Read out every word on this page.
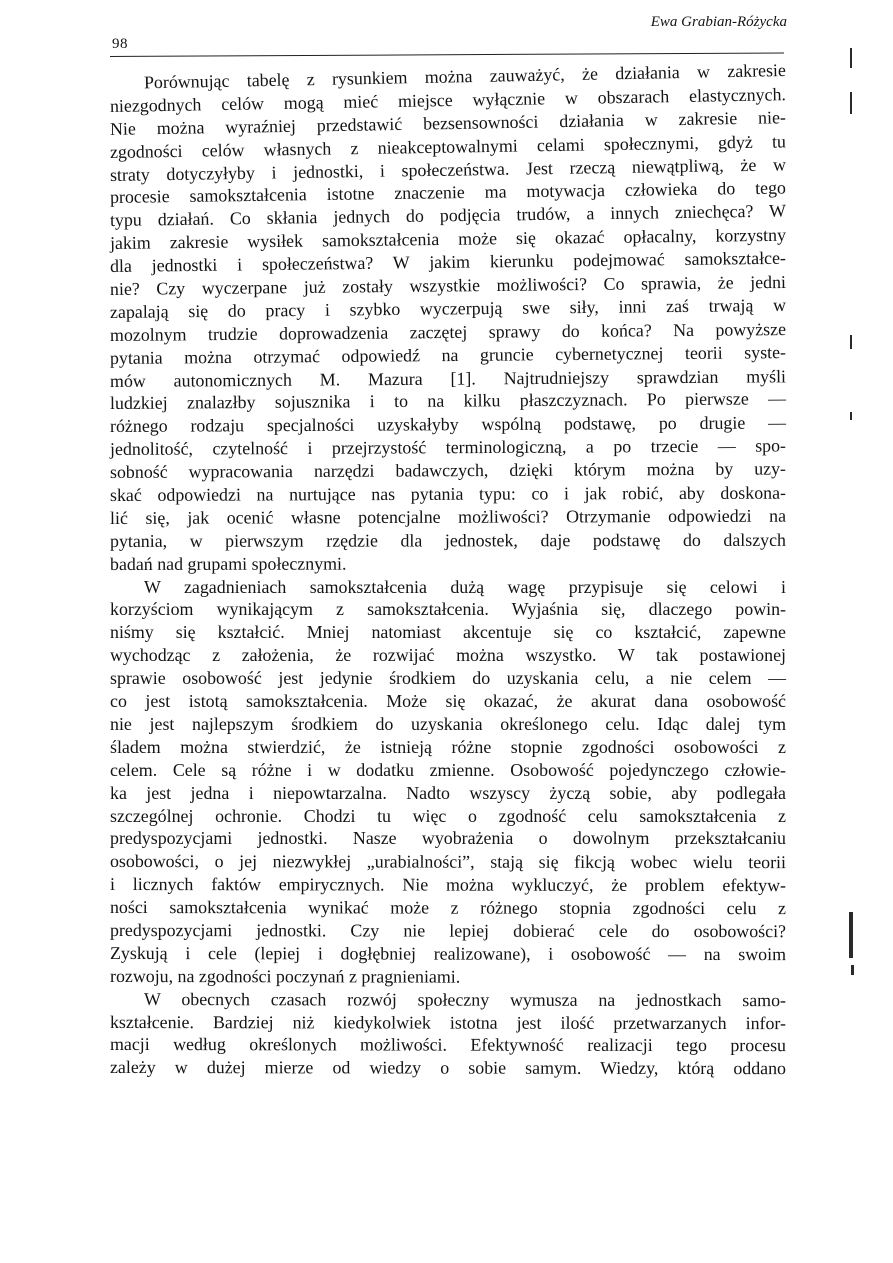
98
Ewa Grabian-Różycka
Porównując tabelę z rysunkiem można zauważyć, że działania w zakresie
niezgodnych celów mogą mieć miejsce wyłącznie w obszarach elastycznych.
Nie można wyraźniej przedstawić bezsensowności działania w zakresie nie-
zgodności celów własnych z nieakceptowalnymi celami społecznymi, gdyż tu
straty dotyczyłyby i jednostki, i społeczeństwa. Jest rzeczą niewątpliwą, że w
procesie samokształcenia istotne znaczenie ma motywacja człowieka do tego
typu działań. Co skłania jednych do podjęcia trudów, a innych zniechęca? W
jakim zakresie wysiłek samokształcenia może się okazać opłacalny, korzystny
dla jednostki i społeczeństwa? W jakim kierunku podejmować samokształce-
nie? Czy wyczerpane już zostały wszystkie możliwości? Co sprawia, że jedni
zapalają się do pracy i szybko wyczerpują swe siły, inni zaś trwają w
mozolnym trudzie doprowadzenia zaczętej sprawy do końca? Na powyższe
pytania można otrzymać odpowiedź na gruncie cybernetycznej teorii syste-
mów autonomicznych M. Mazura [1]. Najtrudniejszy sprawdzian myśli
ludzkiej znalazłby sojusznika i to na kilku płaszczyznach. Po pierwsze —
różnego rodzaju specjalności uzyskałyby wspólną podstawę, po drugie —
jednolitość, czytelność i przejrzystość terminologiczną, a po trzecie — spo-
sobność wypracowania narzędzi badawczych, dzięki którym można by uzy-
skać odpowiedzi na nurtujące nas pytania typu: co i jak robić, aby doskona-
lić się, jak ocenić własne potencjalne możliwości? Otrzymanie odpowiedzi na
pytania, w pierwszym rzędzie dla jednostek, daje podstawę do dalszych
badań nad grupami społecznymi.
W zagadnieniach samokształcenia dużą wagę przypisuje się celowi i
korzyściom wynikającym z samokształcenia. Wyjaśnia się, dlaczego powin-
niśmy się kształcić. Mniej natomiast akcentuje się co kształcić, zapewne
wychodząc z założenia, że rozwijać można wszystko. W tak postawionej
sprawie osobowość jest jedynie środkiem do uzyskania celu, a nie celem —
co jest istotą samokształcenia. Może się okazać, że akurat dana osobowość
nie jest najlepszym środkiem do uzyskania określonego celu. Idąc dalej tym
śladem można stwierdzić, że istnieją różne stopnie zgodności osobowości z
celem. Cele są różne i w dodatku zmienne. Osobowość pojedynczego człowie-
ka jest jedna i niepowtarzalna. Nadto wszyscy życzą sobie, aby podlegała
szczególnej ochronie. Chodzi tu więc o zgodność celu samokształcenia z
predyspozycjami jednostki. Nasze wyobrażenia o dowolnym przekształcaniu
osobowości, o jej niezwykłej „urabialności”, stają się fikcją wobec wielu teorii
i licznych faktów empirycznych. Nie można wykluczyć, że problem efektyw-
ności samokształcenia wynikać może z różnego stopnia zgodności celu z
predyspozycjami jednostki. Czy nie lepiej dobierać cele do osobowości?
Zyskują i cele (lepiej i dogłębniej realizowane), i osobowość — na swoim
rozwoju, na zgodności poczynań z pragnieniami.
W obecnych czasach rozwój społeczny wymusza na jednostkach samo-
kształcenie. Bardziej niż kiedykolwiek istotna jest ilość przetwarzanych infor-
macji według określonych możliwości. Efektywność realizacji tego procesu
zależy w dużej mierze od wiedzy o sobie samym. Wiedzy, którą oddano
